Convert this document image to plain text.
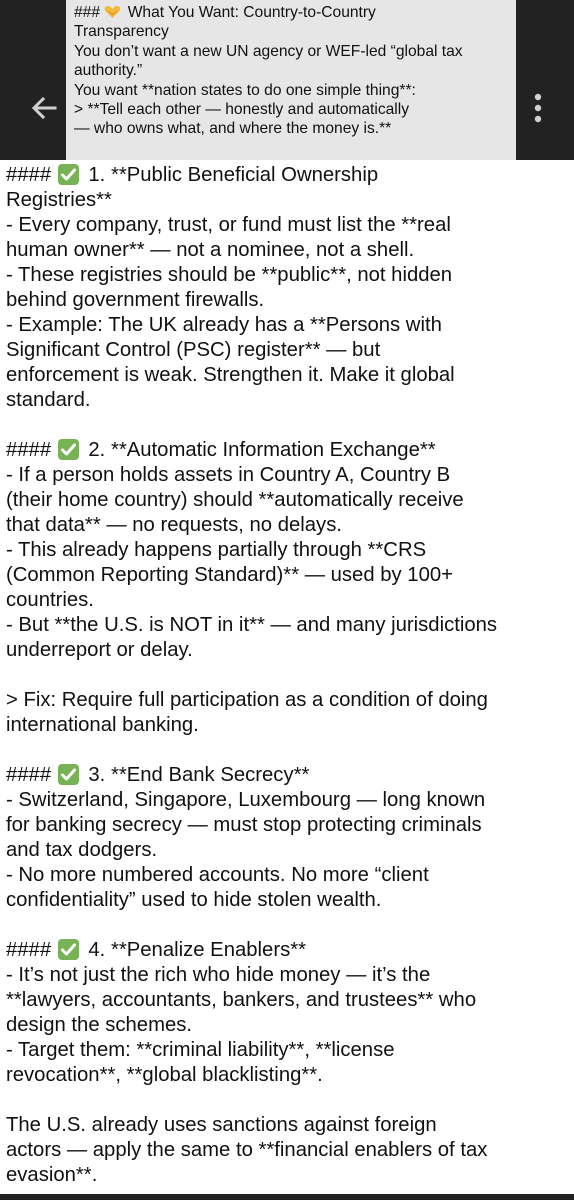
###  What You Want: Country-to-Country
Transparency
You don’t want a new UN agency or WEF-led “global tax
authority.”
You want **nation states to do one simple thing**:
> **Tell each other — honestly and automatically
— who owns what, and where the money is.**
####
1. **Public Beneficial Ownership
Registries**
- Every company, trust, or fund must list the **real
human owner** — not a nominee, not a shell.
- These registries should be **public**, not hidden
behind government firewalls.
- Example: The UK already has a **Persons with
Significant Control (PSC) register** — but
enforcement is weak. Strengthen it. Make it global
standard.
####
2. **Automatic Information Exchange**
- If a person holds assets in Country A, Country B
(their home country) should **automatically receive
that data** — no requests, no delays.
- This already happens partially through **CRS
(Common Reporting Standard)** — used by 100+
countries.
- But **the U.S. is NOT in it** — and many jurisdictions
underreport or delay.
> Fix: Require full participation as a condition of doing
international banking.
####
3. **End Bank Secrecy**
- Switzerland, Singapore, Luxembourg — long known
for banking secrecy — must stop protecting criminals
and tax dodgers.
- No more numbered accounts. No more “client
confidentiality” used to hide stolen wealth.
####
4. **Penalize Enablers**
- It’s not just the rich who hide money — it’s the
**lawyers, accountants, bankers, and trustees** who
design the schemes.
- Target them: **criminal liability**, **license
revocation**, **global blacklisting**.
The U.S. already uses sanctions against foreign
actors — apply the same to **financial enablers of tax
evasion**.
